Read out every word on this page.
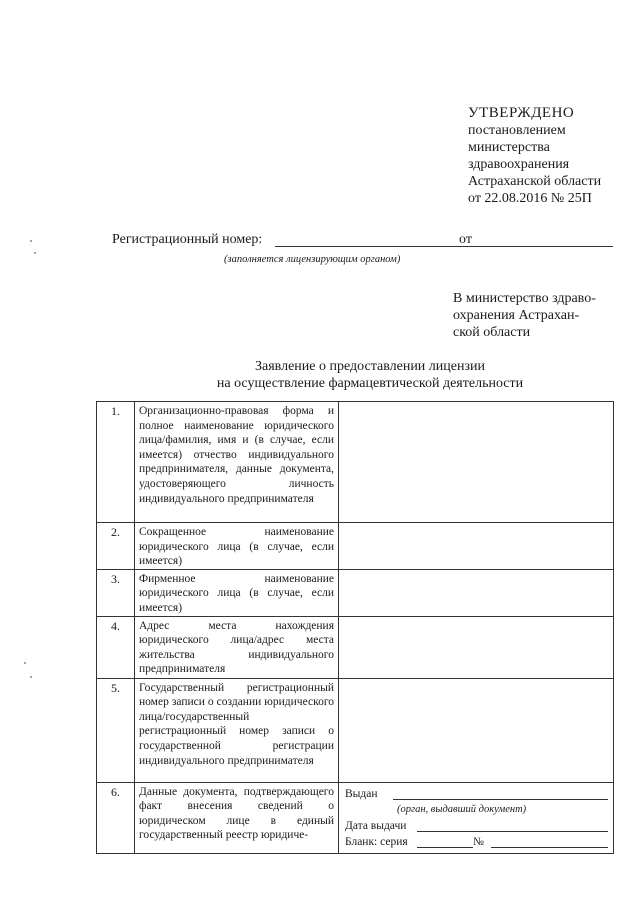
УТВЕРЖДЕНО
постановлением
министерства
здравоохранения
Астраханской области
от 22.08.2016 № 25П
Регистрационный номер:	от
(заполняется лицензирующим органом)
В министерство здраво-
охранения Астрахан-
ской области
Заявление о предоставлении лицензии
на осуществление фармацевтической деятельности
1.	Организационно-правовая форма и полное наименование юридического лица/фамилия, имя и (в случае, если имеется) отчество индивидуального предпринимателя, данные документа, удостоверяющего личность индивидуального предпринимателя	
2.	Сокращенное наименование юридического лица (в случае, если имеется)	
3.	Фирменное наименование юридического лица (в случае, если имеется)	
4.	Адрес места нахождения юридического лица/адрес места жительства индивидуального предпринимателя	
5.	Государственный регистрационный номер записи о создании юридического лица/государственный регистрационный номер записи о государственной регистрации индивидуального предпринимателя	
6.	Данные документа, подтверждающего факт внесения сведений о юридическом лице в единый государственный реестр юридиче-	Выдан
(орган, выдавший документ)
Дата выдачи
Бланк: серия №
